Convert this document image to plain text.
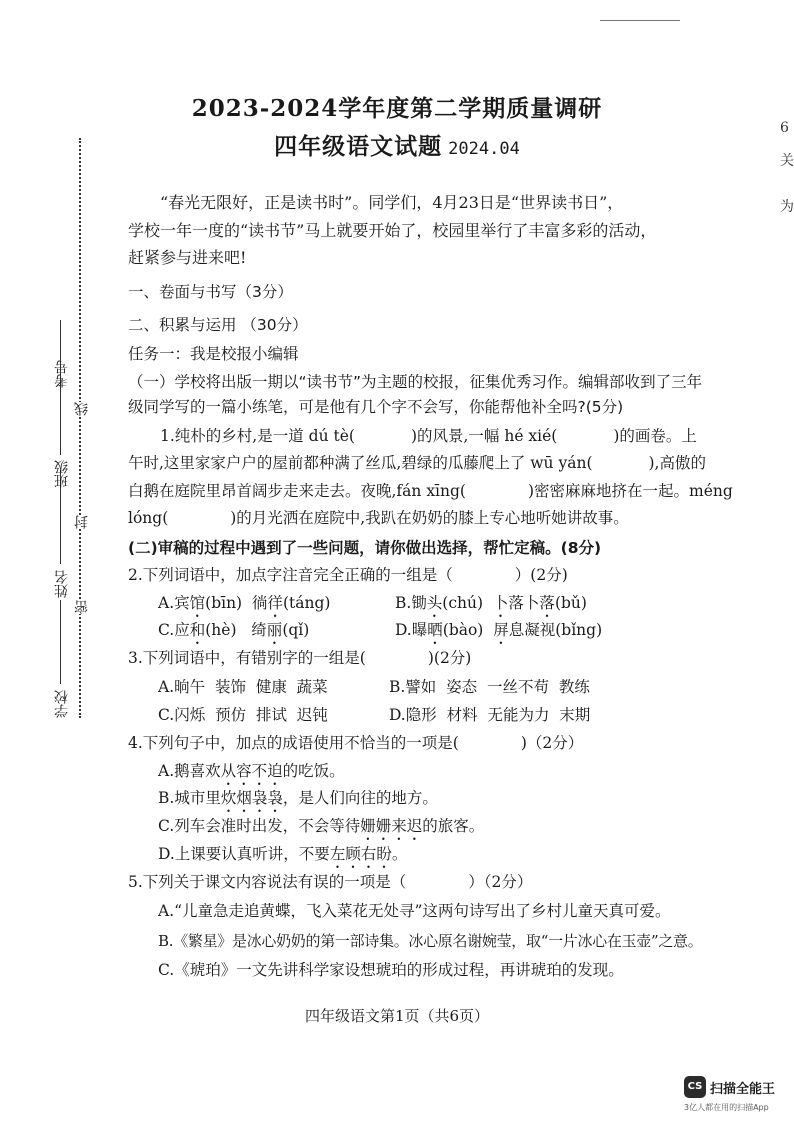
6
关
为
学校
姓名
班级
考号
密
封
线
2023-2024学年度第二学期质量调研
四年级语文试题 2024.04
“春光无限好，正是读书时”。同学们，4月23日是“世界读书日”，
学校一年一度的“读书节”马上就要开始了，校园里举行了丰富多彩的活动，
赶紧参与进来吧!
一、卷面与书写（3分）
二、积累与运用 （30分）
任务一：我是校报小编辑
（一）学校将出版一期以“读书节”为主题的校报，征集优秀习作。编辑部收到了三年
级同学写的一篇小练笔，可是他有几个字不会写，你能帮他补全吗?(5分)
1.纯朴的乡村,是一道 dú tè(	)的风景,一幅 hé xié(	)的画卷。上
午时,这里家家户户的屋前都种满了丝瓜,碧绿的瓜藤爬上了 wū yán(	),高傲的
白鹅在庭院里昂首阔步走来走去。夜晚,fán xīng(	)密密麻麻地挤在一起。méng
lóng(	)的月光洒在庭院中,我趴在奶奶的膝上专心地听她讲故事。
(二)审稿的过程中遇到了一些问题，请你做出选择，帮忙定稿。(8分)
2.下列词语中，加点字注音完全正确的一组是（	）(2分)
A.宾馆(bīn) 徜徉(táng)	B.锄头(chú) 卜落卜落(bǔ)
C.应和(hè) 绮丽(qǐ)	D.曝晒(bào) 屏息凝视(bǐng)
3.下列词语中，有错别字的一组是(	)(2分)
A.晌午  装饰  健康  蔬菜	B.譬如  姿态  一丝不苟  教练
C.闪烁  预仿  排试  迟钝	D.隐形  材料  无能为力  末期
4.下列句子中，加点的成语使用不恰当的一项是(	)（2分）
A.鹅喜欢从容不迫的吃饭。
B.城市里炊烟袅袅，是人们向往的地方。
C.列车会准时出发，不会等待姗姗来迟的旅客。
D.上课要认真听讲，不要左顾右盼。
5.下列关于课文内容说法有误的一项是（	）（2分）
A.“儿童急走追黄蝶，飞入菜花无处寻”这两句诗写出了乡村儿童天真可爱。
B.《繁星》是冰心奶奶的第一部诗集。冰心原名谢婉莹，取“一片冰心在玉壶”之意。
C.《琥珀》一文先讲科学家设想琥珀的形成过程，再讲琥珀的发现。
四年级语文第1页（共6页）
CS 扫描全能王
3亿人都在用的扫描App
